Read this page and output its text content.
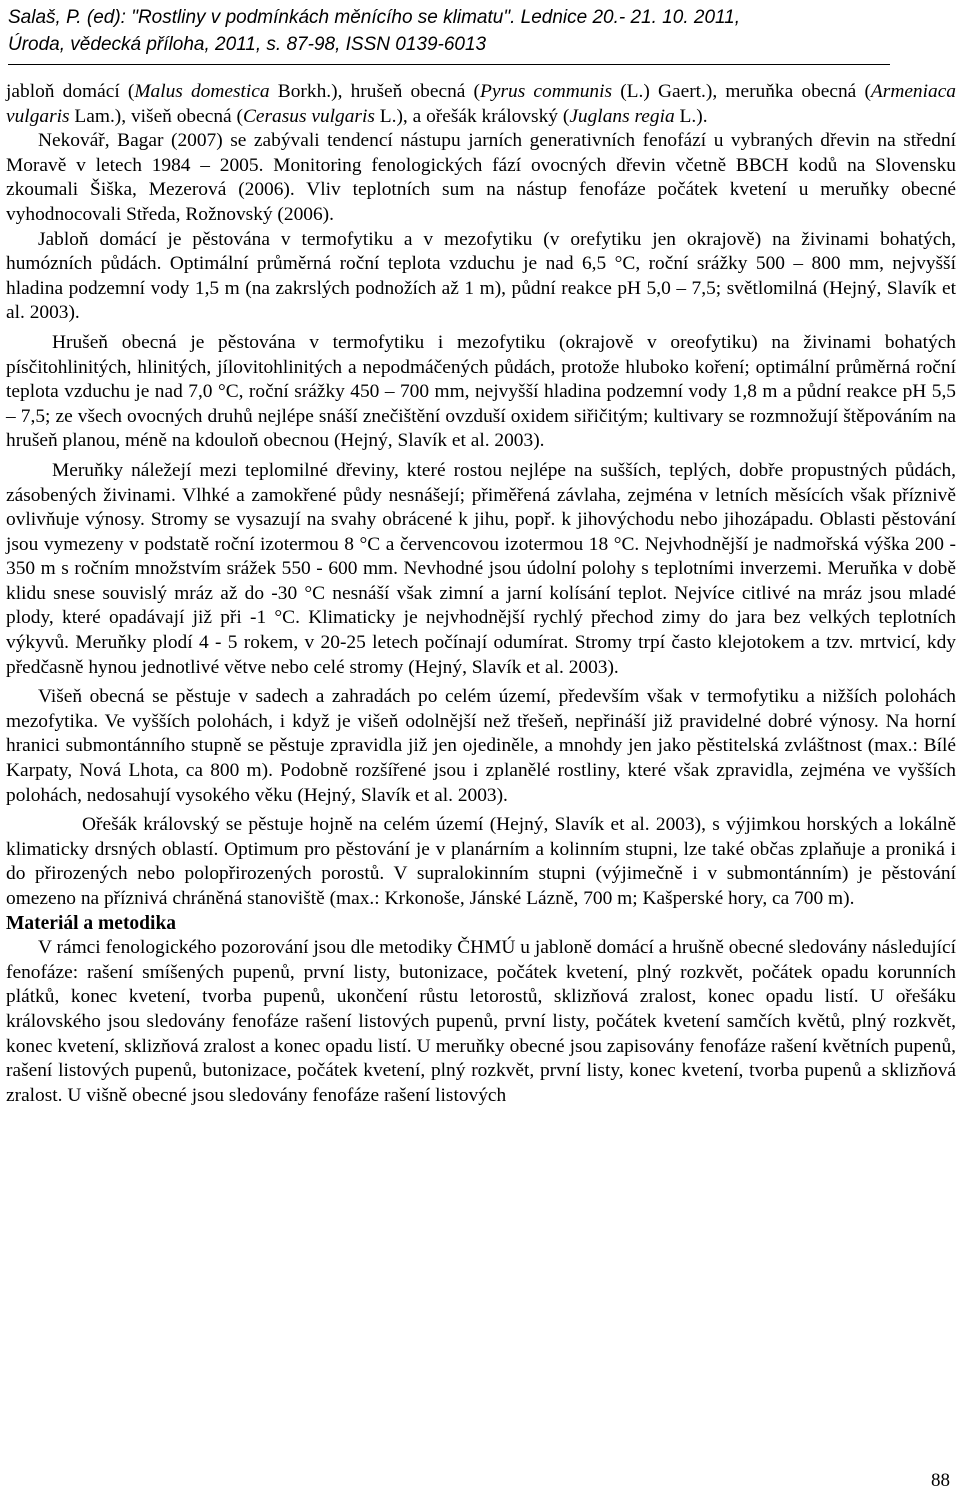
Salaš, P. (ed): "Rostliny v podmínkách měnícího se klimatu". Lednice 20.- 21. 10. 2011,
Úroda, vědecká příloha, 2011, s. 87-98, ISSN 0139-6013

jabloň domácí (Malus domestica Borkh.), hrušeň obecná (Pyrus communis (L.) Gaert.), meruňka obecná (Armeniaca vulgaris Lam.), višeň obecná (Cerasus vulgaris L.), a ořešák královský (Juglans regia L.).

Nekovář, Bagar (2007) se zabývali tendencí nástupu jarních generativních fenofází u vybraných dřevin na střední Moravě v letech 1984 – 2005. Monitoring fenologických fází ovocných dřevin včetně BBCH kodů na Slovensku zkoumali Šiška, Mezerová (2006). Vliv teplotních sum na nástup fenofáze počátek kvetení u meruňky obecné vyhodnocovali Středa, Rožnovský (2006).

Jabloň domácí je pěstována v termofytiku a v mezofytiku (v orefytiku jen okrajově) na živinami bohatých, humózních půdách. Optimální průměrná roční teplota vzduchu je nad 6,5 °C, roční srážky 500 – 800 mm, nejvyšší hladina podzemní vody 1,5 m (na zakrslých podnožích až 1 m), půdní reakce pH 5,0 – 7,5; světlomilná (Hejný, Slavík et al. 2003).

Hrušeň obecná je pěstována v termofytiku i mezofytiku (okrajově v oreofytiku) na živinami bohatých písčitohlinitých, hlinitých, jílovitohlinitých a nepodmáčených půdách, protože hluboko koření; optimální průměrná roční teplota vzduchu je nad 7,0 °C, roční srážky 450 – 700 mm, nejvyšší hladina podzemní vody 1,8 m a půdní reakce pH 5,5 – 7,5; ze všech ovocných druhů nejlépe snáší znečištění ovzduší oxidem siřičitým; kultivary se rozmnožují štěpováním na hrušeň planou, méně na kdouloň obecnou (Hejný, Slavík et al. 2003).

Meruňky náležejí mezi teplomilné dřeviny, které rostou nejlépe na sušších, teplých, dobře propustných půdách, zásobených živinami. Vlhké a zamokřené půdy nesnášejí; přiměřená závlaha, zejména v letních měsících však příznivě ovlivňuje výnosy. Stromy se vysazují na svahy obrácené k jihu, popř. k jihovýchodu nebo jihozápadu. Oblasti pěstování jsou vymezeny v podstatě roční izotermou 8 °C a červencovou izotermou 18 °C. Nejvhodnější je nadmořská výška 200 - 350 m s ročním množstvím srážek 550 - 600 mm. Nevhodné jsou údolní polohy s teplotními inverzemi. Meruňka v době klidu snese souvislý mráz až do -30 °C nesnáší však zimní a jarní kolísání teplot. Nejvíce citlivé na mráz jsou mladé plody, které opadávají již při -1 °C. Klimaticky je nejvhodnější rychlý přechod zimy do jara bez velkých teplotních výkyvů. Meruňky plodí 4 - 5 rokem, v 20-25 letech počínají odumírat. Stromy trpí často klejotokem a tzv. mrtvicí, kdy předčasně hynou jednotlivé větve nebo celé stromy (Hejný, Slavík et al. 2003).

Višeň obecná se pěstuje v sadech a zahradách po celém území, především však v termofytiku a nižších polohách mezofytika. Ve vyšších polohách, i když je višeň odolnější než třešeň, nepřináší již pravidelné dobré výnosy. Na horní hranici submontánního stupně se pěstuje zpravidla již jen ojediněle, a mnohdy jen jako pěstitelská zvláštnost (max.: Bílé Karpaty, Nová Lhota, ca 800 m). Podobně rozšířené jsou i zplanělé rostliny, které však zpravidla, zejména ve vyšších polohách, nedosahují vysokého věku (Hejný, Slavík et al. 2003).

Ořešák královský se pěstuje hojně na celém území (Hejný, Slavík et al. 2003), s výjimkou horských a lokálně klimaticky drsných oblastí. Optimum pro pěstování je v planárním a kolinním stupni, lze také občas zplaňuje a proniká i do přirozených nebo polopřirozených porostů. V supralokinním stupni (výjimečně i v submontánním) je pěstování omezeno na příznivá chráněná stanoviště (max.: Krkonoše, Jánské Lázně, 700 m; Kašperské hory, ca 700 m).

Materiál a metodika

V rámci fenologického pozorování jsou dle metodiky ČHMÚ u jabloně domácí a hrušně obecné sledovány následující fenofáze: rašení smíšených pupenů, první listy, butonizace, počátek kvetení, plný rozkvět, počátek opadu korunních plátků, konec kvetení, tvorba pupenů, ukončení růstu letorostů, sklizňová zralost, konec opadu listí. U ořešáku královského jsou sledovány fenofáze rašení listových pupenů, první listy, počátek kvetení samčích květů, plný rozkvět, konec kvetení, sklizňová zralost a konec opadu listí. U meruňky obecné jsou zapisovány fenofáze rašení květních pupenů, rašení listových pupenů, butonizace, počátek kvetení, plný rozkvět, první listy, konec kvetení, tvorba pupenů a sklizňová zralost. U višně obecné jsou sledovány fenofáze rašení listových

88
